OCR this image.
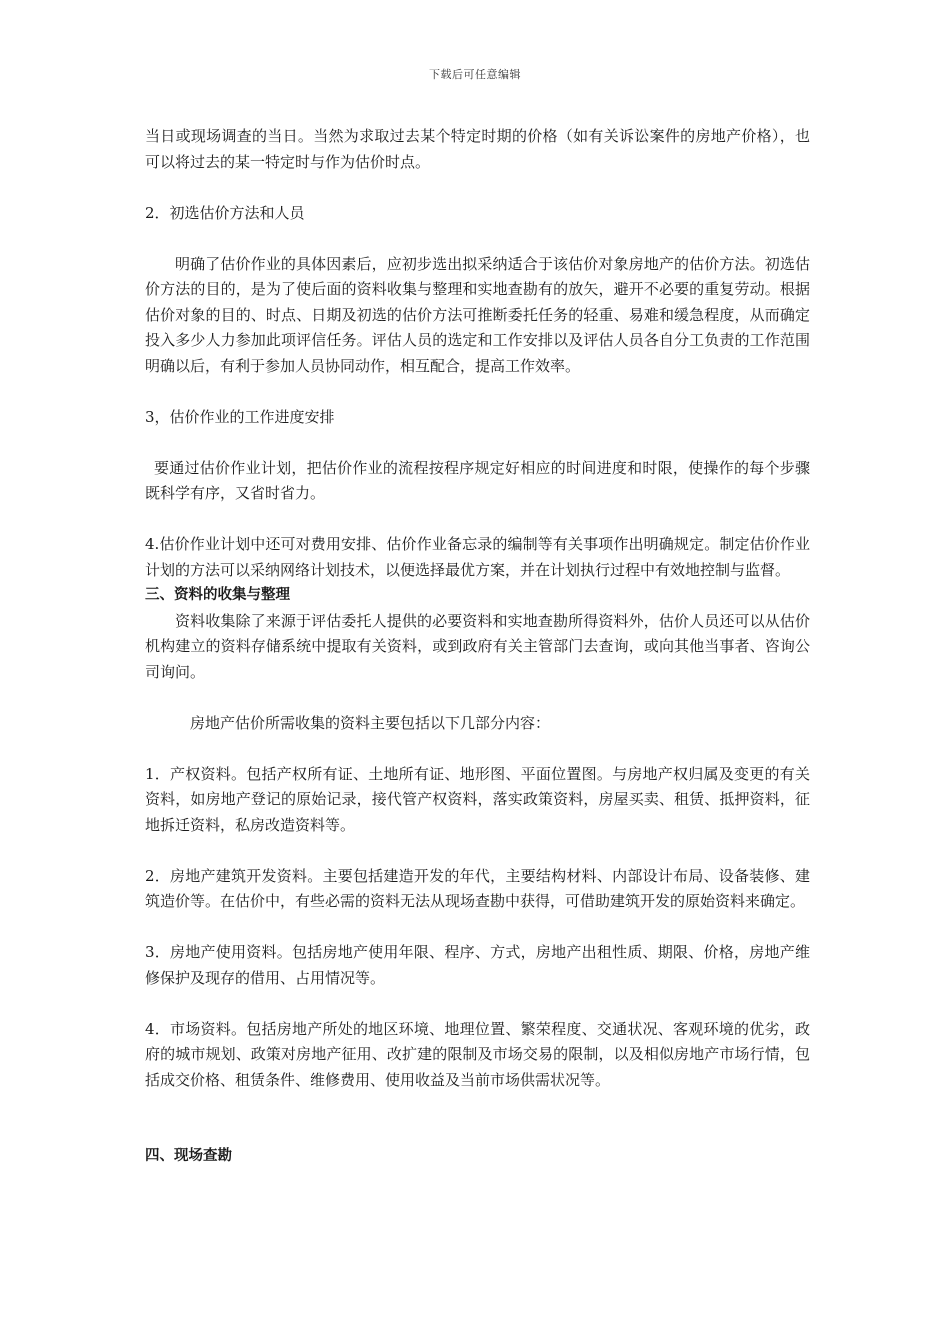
下载后可任意编辑

当日或现场调查的当日。当然为求取过去某个特定时期的价格（如有关诉讼案件的房地产价格），也可以将过去的某一特定时与作为估价时点。

2．初选估价方法和人员

明确了估价作业的具体因素后，应初步选出拟采纳适合于该估价对象房地产的估价方法。初选估价方法的目的，是为了使后面的资料收集与整理和实地查勘有的放矢，避开不必要的重复劳动。根据估价对象的目的、时点、日期及初选的估价方法可推断委托任务的轻重、易难和缓急程度，从而确定投入多少人力参加此项评信任务。评估人员的选定和工作安排以及评估人员各自分工负责的工作范围明确以后，有利于参加人员协同动作，相互配合，提高工作效率。

3，估价作业的工作进度安排

要通过估价作业计划，把估价作业的流程按程序规定好相应的时间进度和时限，使操作的每个步骤既科学有序，又省时省力。

4.估价作业计划中还可对费用安排、估价作业备忘录的编制等有关事项作出明确规定。制定估价作业计划的方法可以采纳网络计划技术，以便选择最优方案，并在计划执行过程中有效地控制与监督。

三、资料的收集与整理

资料收集除了来源于评估委托人提供的必要资料和实地查勘所得资料外，估价人员还可以从估价机构建立的资料存储系统中提取有关资料，或到政府有关主管部门去查询，或向其他当事者、咨询公司询问。

房地产估价所需收集的资料主要包括以下几部分内容：

1．产权资料。包括产权所有证、土地所有证、地形图、平面位置图。与房地产权归属及变更的有关资料，如房地产登记的原始记录，接代管产权资料，落实政策资料，房屋买卖、租赁、抵押资料，征地拆迁资料，私房改造资料等。

2．房地产建筑开发资料。主要包括建造开发的年代，主要结构材料、内部设计布局、设备装修、建筑造价等。在估价中，有些必需的资料无法从现场查勘中获得，可借助建筑开发的原始资料来确定。

3．房地产使用资料。包括房地产使用年限、程序、方式，房地产出租性质、期限、价格，房地产维修保护及现存的借用、占用情况等。

4．市场资料。包括房地产所处的地区环境、地理位置、繁荣程度、交通状况、客观环境的优劣，政府的城市规划、政策对房地产征用、改扩建的限制及市场交易的限制，以及相似房地产市场行情，包括成交价格、租赁条件、维修费用、使用收益及当前市场供需状况等。

四、现场查勘
